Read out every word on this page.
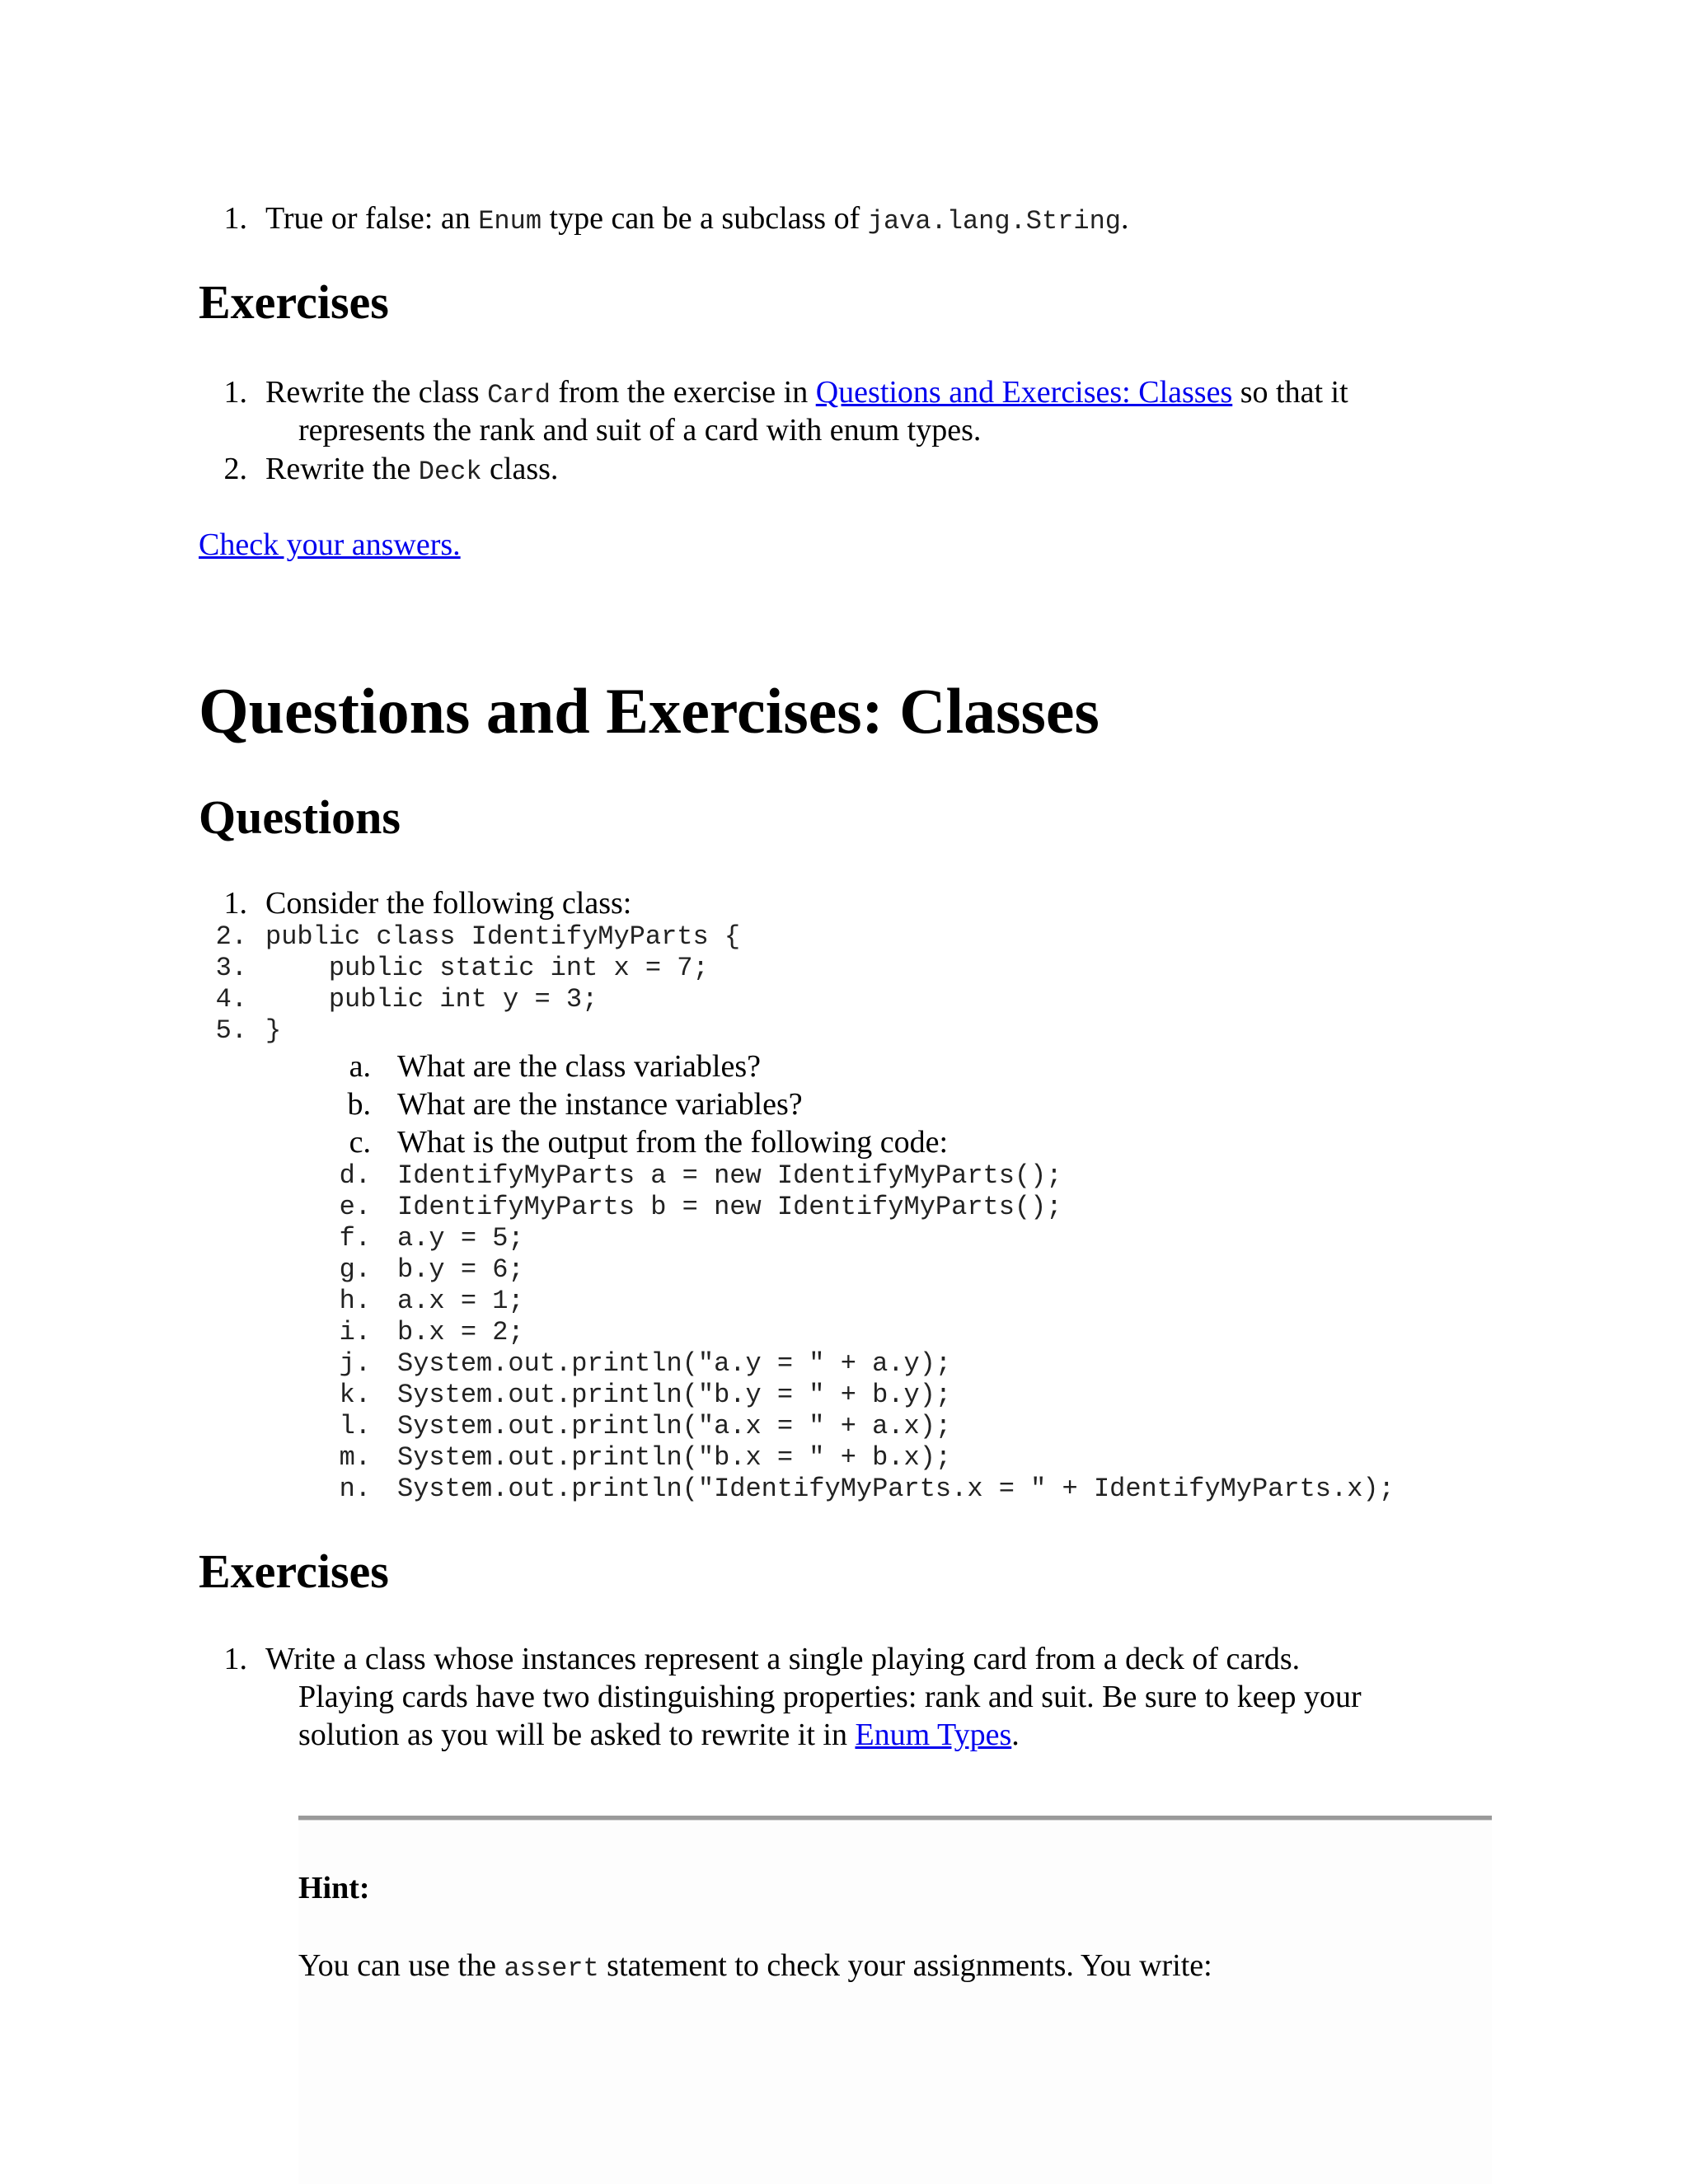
1. True or false: an Enum type can be a subclass of java.lang.String.
Exercises
1. Rewrite the class Card from the exercise in Questions and Exercises: Classes so that it
represents the rank and suit of a card with enum types.
2. Rewrite the Deck class.
Check your answers.
Questions and Exercises: Classes
Questions
1. Consider the following class:
2. public class IdentifyMyParts {
3.    public static int x = 7;
4.    public int y = 3;
5. }
a. What are the class variables?
b. What are the instance variables?
c. What is the output from the following code:
d. IdentifyMyParts a = new IdentifyMyParts();
e. IdentifyMyParts b = new IdentifyMyParts();
f. a.y = 5;
g. b.y = 6;
h. a.x = 1;
i. b.x = 2;
j. System.out.println("a.y = " + a.y);
k. System.out.println("b.y = " + b.y);
l. System.out.println("a.x = " + a.x);
m. System.out.println("b.x = " + b.x);
n. System.out.println("IdentifyMyParts.x = " + IdentifyMyParts.x);
Exercises
1. Write a class whose instances represent a single playing card from a deck of cards.
Playing cards have two distinguishing properties: rank and suit. Be sure to keep your
solution as you will be asked to rewrite it in Enum Types.
Hint:
You can use the assert statement to check your assignments. You write:
